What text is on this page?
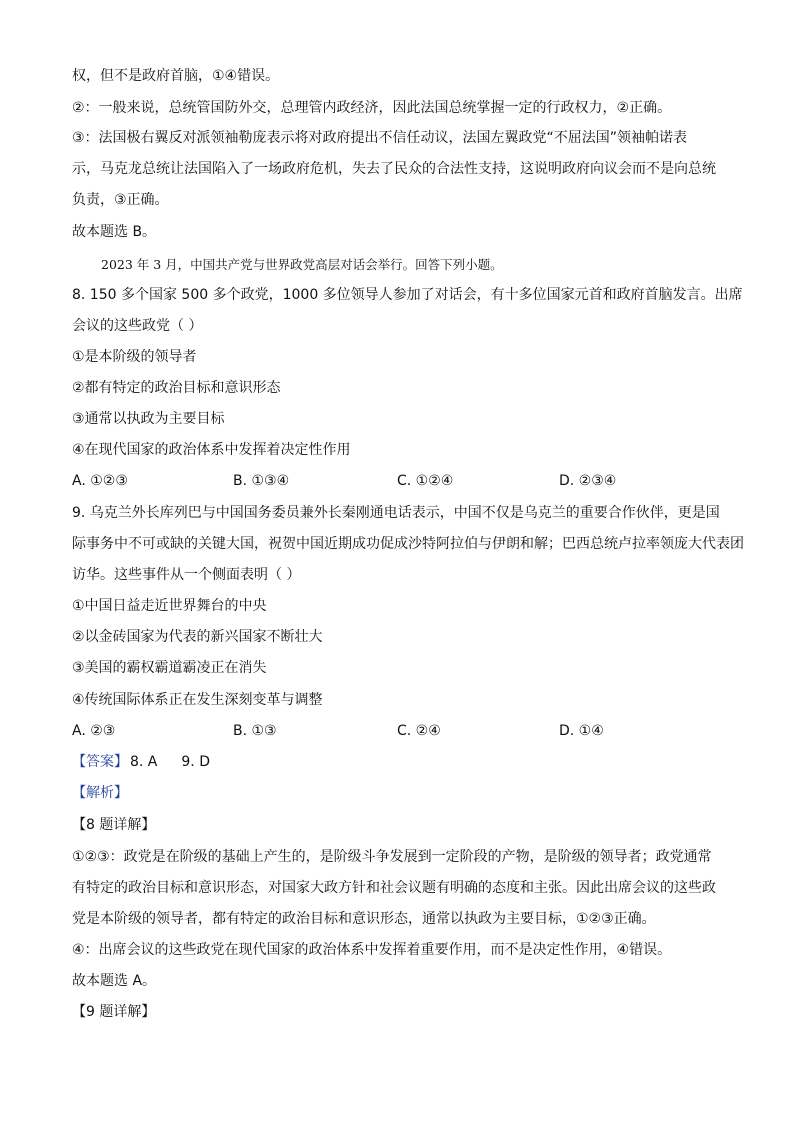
权，但不是政府首脑，①④错误。
②：一般来说，总统管国防外交，总理管内政经济，因此法国总统掌握一定的行政权力，②正确。
③：法国极右翼反对派领袖勒庞表示将对政府提出不信任动议，法国左翼政党“不屈法国”领袖帕诺表
示，马克龙总统让法国陷入了一场政府危机，失去了民众的合法性支持，这说明政府向议会而不是向总统
负责，③正确。
故本题选 B。
2023 年 3 月，中国共产党与世界政党高层对话会举行。回答下列小题。
8. 150 多个国家 500 多个政党，1000 多位领导人参加了对话会，有十多位国家元首和政府首脑发言。出席
会议的这些政党（ ）
①是本阶级的领导者
②都有特定的政治目标和意识形态
③通常以执政为主要目标
④在现代国家的政治体系中发挥着决定性作用
A. ①②③	B. ①③④	C. ①②④	D. ②③④
9. 乌克兰外长库列巴与中国国务委员兼外长秦刚通电话表示，中国不仅是乌克兰的重要合作伙伴，更是国
际事务中不可或缺的关键大国，祝贺中国近期成功促成沙特阿拉伯与伊朗和解；巴西总统卢拉率领庞大代表团
访华。这些事件从一个侧面表明（ ）
①中国日益走近世界舞台的中央
②以金砖国家为代表的新兴国家不断壮大
③美国的霸权霸道霸凌正在消失
④传统国际体系正在发生深刻变革与调整
A. ②③	B. ①③	C. ②④	D. ①④
【答案】 8. A 9. D
【解析】
【8 题详解】
①②③：政党是在阶级的基础上产生的，是阶级斗争发展到一定阶段的产物，是阶级的领导者；政党通常
有特定的政治目标和意识形态，对国家大政方针和社会议题有明确的态度和主张。因此出席会议的这些政
党是本阶级的领导者，都有特定的政治目标和意识形态，通常以执政为主要目标，①②③正确。
④：出席会议的这些政党在现代国家的政治体系中发挥着重要作用，而不是决定性作用，④错误。
故本题选 A。
【9 题详解】
